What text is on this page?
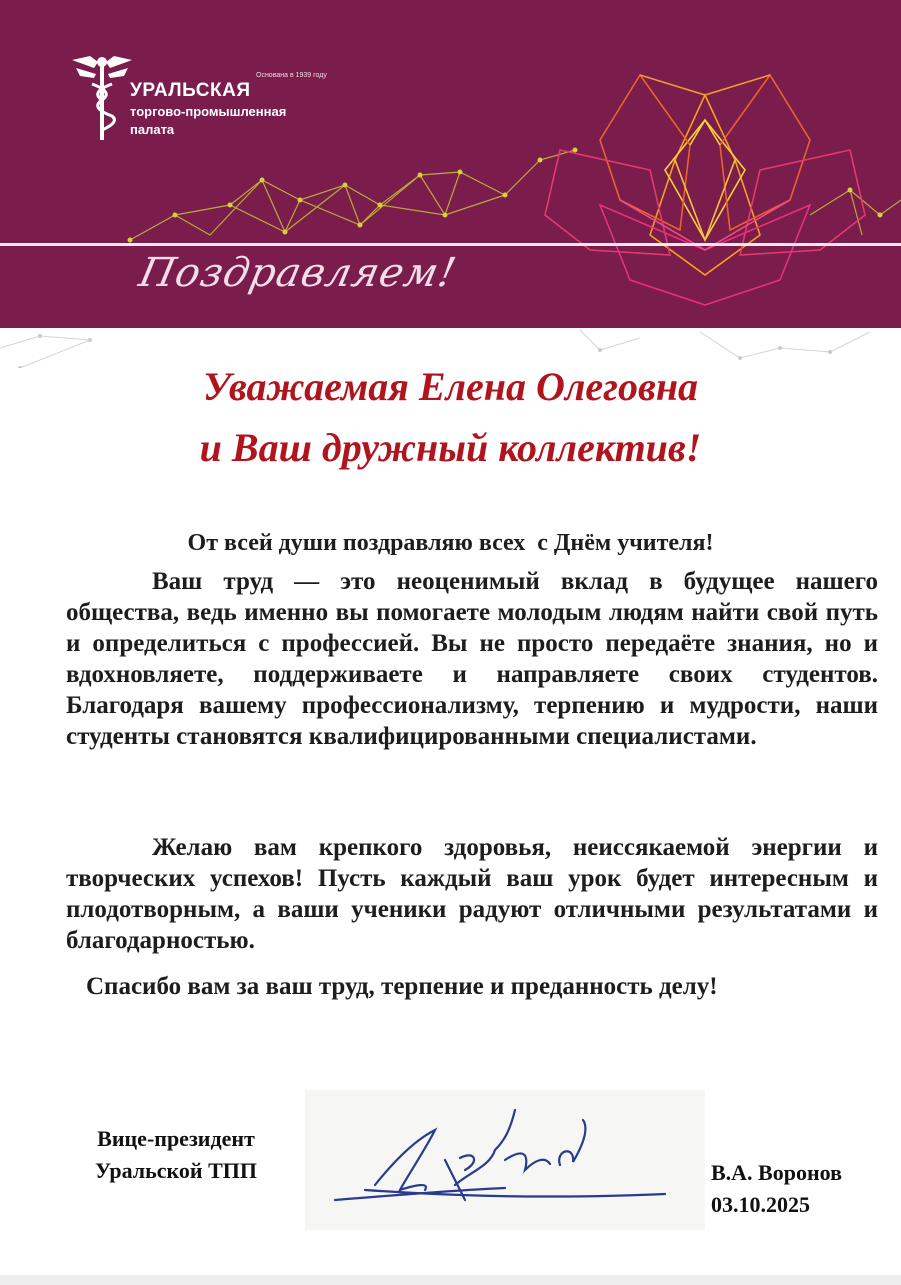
Основана в 1939 году
УРАЛЬСКАЯ
торгово-промышленная
палата
Поздравляем!
Уважаемая Елена Олеговна
и Ваш дружный коллектив!
От всей души поздравляю всех  с Днём учителя!
Ваш труд — это неоценимый вклад в будущее нашего общества, ведь именно вы помогаете молодым людям найти свой путь и определиться с профессией. Вы не просто передаёте знания, но и вдохновляете, поддерживаете и направляете своих студентов. Благодаря вашему профессионализму, терпению и мудрости, наши студенты становятся квалифицированными специалистами.
Желаю вам крепкого здоровья, неиссякаемой энергии и творческих успехов! Пусть каждый ваш урок будет интересным и плодотворным, а ваши ученики радуют отличными результатами и благодарностью.
Спасибо вам за ваш труд, терпение и преданность делу!
Вице-президент
Уральской ТПП	В.А. Воронов
03.10.2025
